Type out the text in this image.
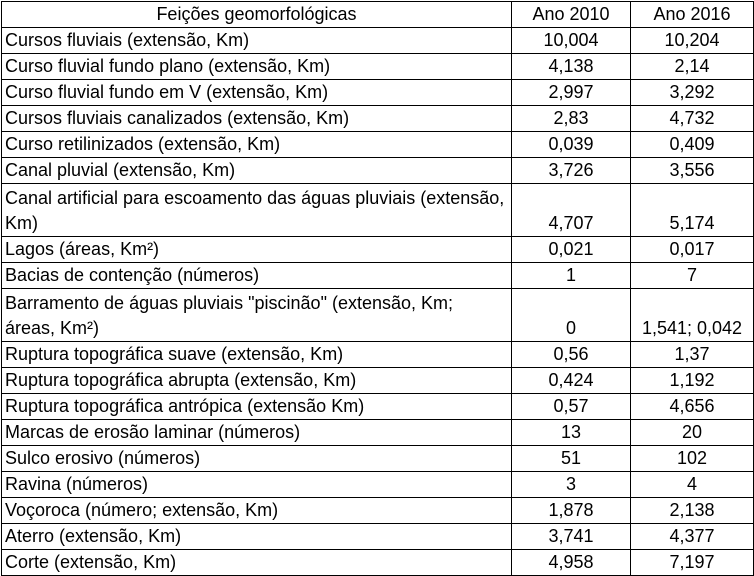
Feições geomorfológicas	Ano 2010	Ano 2016
Cursos fluviais (extensão, Km)	10,004	10,204
Curso fluvial fundo plano (extensão, Km)	4,138	2,14
Curso fluvial fundo em V (extensão, Km)	2,997	3,292
Cursos fluviais canalizados (extensão, Km)	2,83	4,732
Curso retilinizados (extensão, Km)	0,039	0,409
Canal pluvial (extensão, Km)	3,726	3,556
Canal artificial para escoamento das águas pluviais (extensão, Km)	4,707	5,174
Lagos (áreas, Km²)	0,021	0,017
Bacias de contenção (números)	1	7
Barramento de águas pluviais "piscinão" (extensão, Km; áreas, Km²)	0	1,541; 0,042
Ruptura topográfica suave (extensão, Km)	0,56	1,37
Ruptura topográfica abrupta (extensão, Km)	0,424	1,192
Ruptura topográfica antrópica (extensão Km)	0,57	4,656
Marcas de erosão laminar (números)	13	20
Sulco erosivo (números)	51	102
Ravina (números)	3	4
Voçoroca (número; extensão, Km)	1,878	2,138
Aterro (extensão, Km)	3,741	4,377
Corte (extensão, Km)	4,958	7,197
